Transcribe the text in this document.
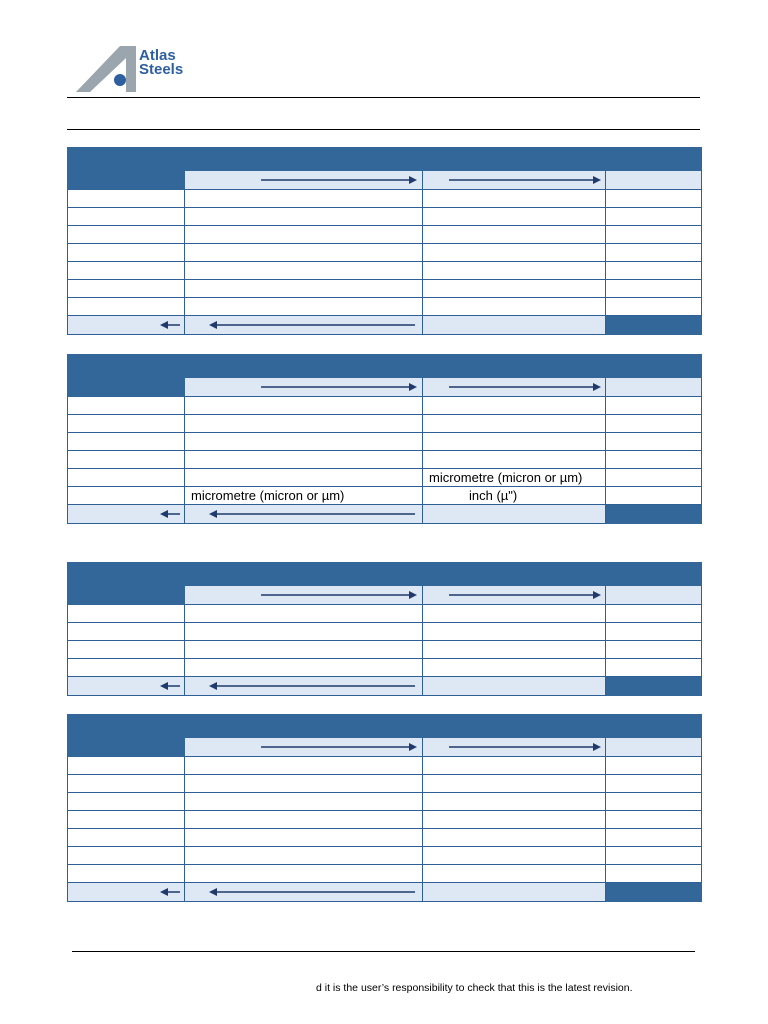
Atlas
Steels

		micrometre (micron or µm)	
	micrometre (micron or µm)	inch (µ")	

d it is the user’s responsibility to check that this is the latest revision.
